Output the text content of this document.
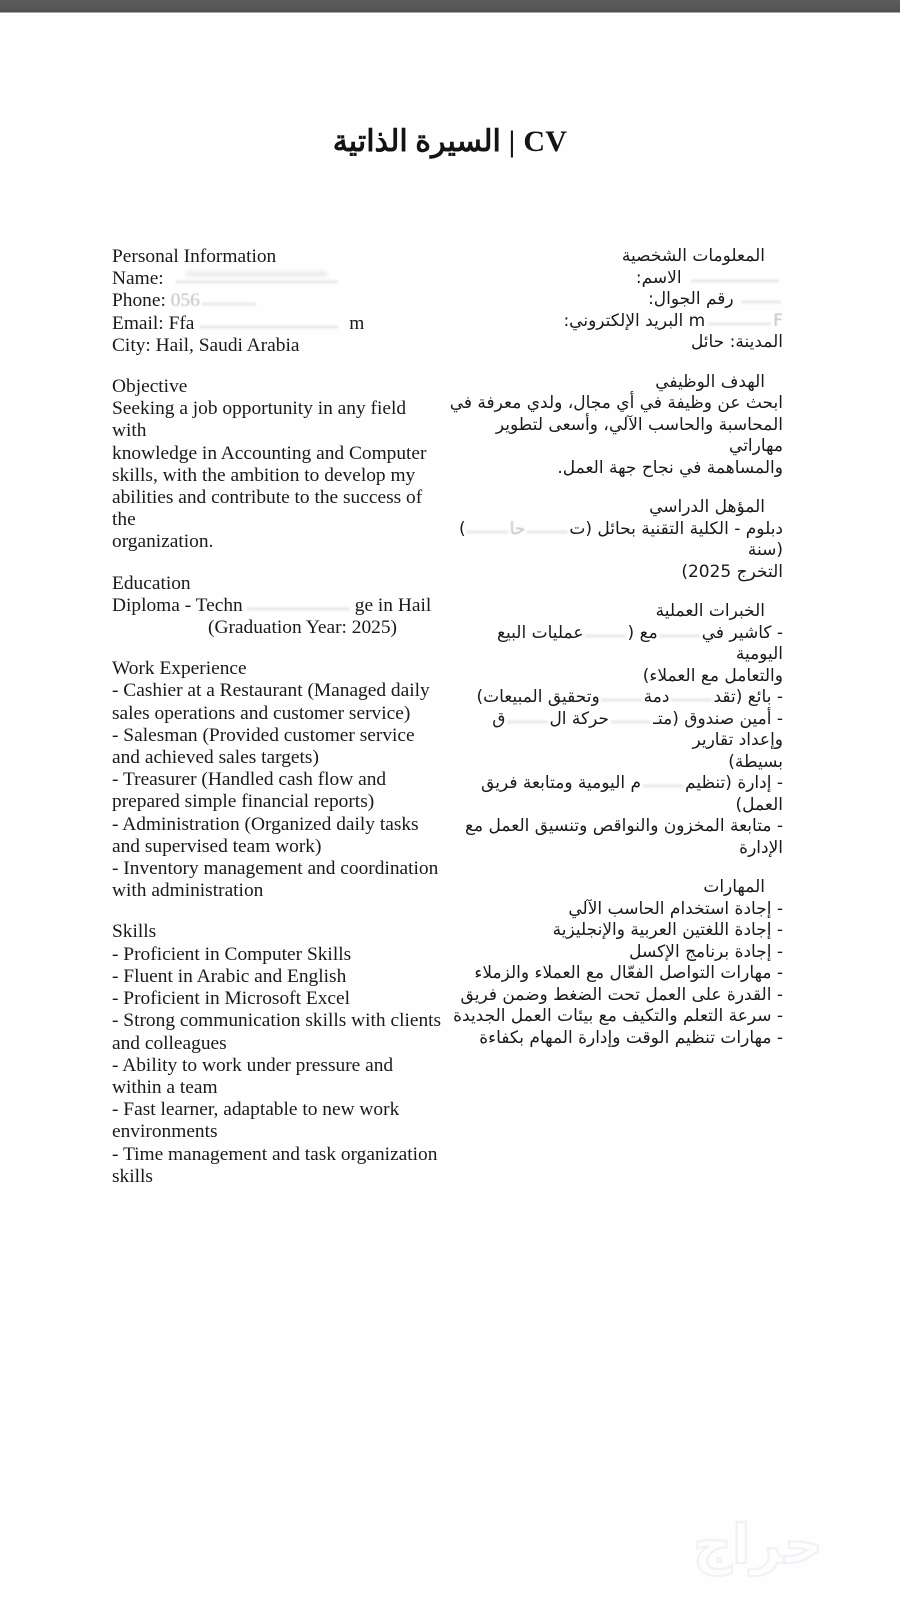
CV | السيرة الذاتية
Personal Information
Name:
Phone: 056
Email: Ffa	m
City: Hail, Saudi Arabia
Objective
Seeking a job opportunity in any field with
knowledge in Accounting and Computer
skills, with the ambition to develop my
abilities and contribute to the success of the
organization.
Education
Diploma - Techn	ge in Hail
(Graduation Year: 2025)
Work Experience
- Cashier at a Restaurant (Managed daily sales operations and customer service)
- Salesman (Provided customer service and achieved sales targets)
- Treasurer (Handled cash flow and prepared simple financial reports)
- Administration (Organized daily tasks and supervised team work)
- Inventory management and coordination with administration
Skills
- Proficient in Computer Skills
- Fluent in Arabic and English
- Proficient in Microsoft Excel
- Strong communication skills with clients and colleagues
- Ability to work under pressure and within a team
- Fast learner, adaptable to new work environments
- Time management and task organization skills
المعلومات الشخصية
الاسم:
رقم الجوال:
m	F البريد الإلكتروني:
المدينة: حائل
الهدف الوظيفي
ابحث عن وظيفة في أي مجال، ولدي معرفة في
المحاسبة والحاسب الآلي، وأسعى لتطوير مهاراتي
والمساهمة في نجاح جهة العمل.
المؤهل الدراسي
دبلوم - الكلية التقنية بحائل (تحا) (سنة
التخرج 2025)
الخبرات العملية
- كاشير فيمع (عمليات البيع اليومية
والتعامل مع العملاء)
- بائع (تقددمةوتحقيق المبيعات)
- أمين صندوق (متـحركة الق وإعداد تقارير
بسيطة)
- إدارة (تنظيمم اليومية ومتابعة فريق العمل)
- متابعة المخزون والنواقص وتنسيق العمل مع الإدارة
المهارات
- إجادة استخدام الحاسب الآلي
- إجادة اللغتين العربية والإنجليزية
- إجادة برنامج الإكسل
- مهارات التواصل الفعّال مع العملاء والزملاء
- القدرة على العمل تحت الضغط وضمن فريق
- سرعة التعلم والتكيف مع بيئات العمل الجديدة
- مهارات تنظيم الوقت وإدارة المهام بكفاءة
حراج
